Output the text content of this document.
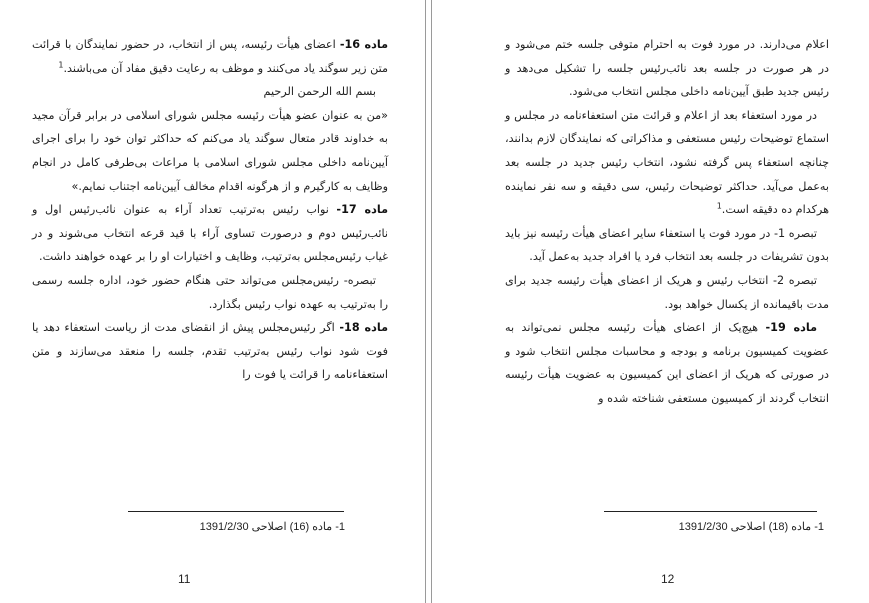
ماده 16- اعضای هیأت رئیسه، پس از انتخاب، در حضور نمایندگان با قرائت متن زیر سوگند یاد می‌کنند و موظف به رعایت دقیق مفاد آن می‌باشند.$^1$

بسم الله الرحمن الرحیم

«من به عنوان عضو هیأت رئیسه مجلس شورای اسلامی در برابر قرآن مجید به خداوند قادر متعال سوگند یاد می‌کنم که حداکثر توان خود را برای اجرای آیین‌نامه داخلی مجلس شورای اسلامی با مراعات بی‌طرفی کامل در انجام وظایف به کارگیرم و از هرگونه اقدام مخالف آیین‌نامه اجتناب نمایم.»

ماده 17- نواب رئیس به‌ترتیب تعداد آراء به عنوان نائب‌رئیس اول و نائب‌رئیس دوم و درصورت تساوی آراء با قید قرعه انتخاب می‌شوند و در غیاب رئیس‌مجلس به‌ترتیب، وظایف و اختیارات او را بر عهده خواهند داشت.

تبصره- رئیس‌مجلس می‌تواند حتی هنگام حضور خود، اداره جلسه رسمی را به‌ترتیب به عهده نواب رئیس بگذارد.

ماده 18- اگر رئیس‌مجلس پیش از انقضای مدت از ریاست استعفاء دهد یا فوت شود نواب رئیس به‌ترتیب تقدم، جلسه را منعقد می‌سازند و متن استعفاءنامه را قرائت یا فوت را

1- ماده (16) اصلاحی 1391/2/30
11

اعلام می‌دارند. در مورد فوت به احترام متوفی جلسه ختم می‌شود و در هر صورت در جلسه بعد نائب‌رئیس جلسه را تشکیل می‌دهد و رئیس جدید طبق آیین‌نامه داخلی مجلس انتخاب می‌شود.

در مورد استعفاء بعد از اعلام و قرائت متن استعفاءنامه در مجلس و استماع توضیحات رئیس مستعفی و مذاکراتی که نمایندگان لازم بدانند، چنانچه استعفاء پس گرفته نشود، انتخاب رئیس جدید در جلسه بعد به‌عمل می‌آید. حداکثر توضیحات رئیس، سی دقیقه و سه نفر نماینده هرکدام ده دقیقه است.$^1$

تبصره 1- در مورد فوت یا استعفاء سایر اعضای هیأت رئیسه نیز باید بدون تشریفات در جلسه بعد انتخاب فرد یا افراد جدید به‌عمل آید.

تبصره 2- انتخاب رئیس و هریک از اعضای هیأت رئیسه جدید برای مدت باقیمانده از یکسال خواهد بود.

ماده 19- هیچ‌یک از اعضای هیأت رئیسه مجلس نمی‌تواند به عضویت کمیسیون برنامه و بودجه و محاسبات مجلس انتخاب شود و در صورتی که هریک از اعضای این کمیسیون به عضویت هیأت رئیسه انتخاب گردند از کمیسیون مستعفی شناخته شده و

1- ماده (18) اصلاحی 1391/2/30
12
